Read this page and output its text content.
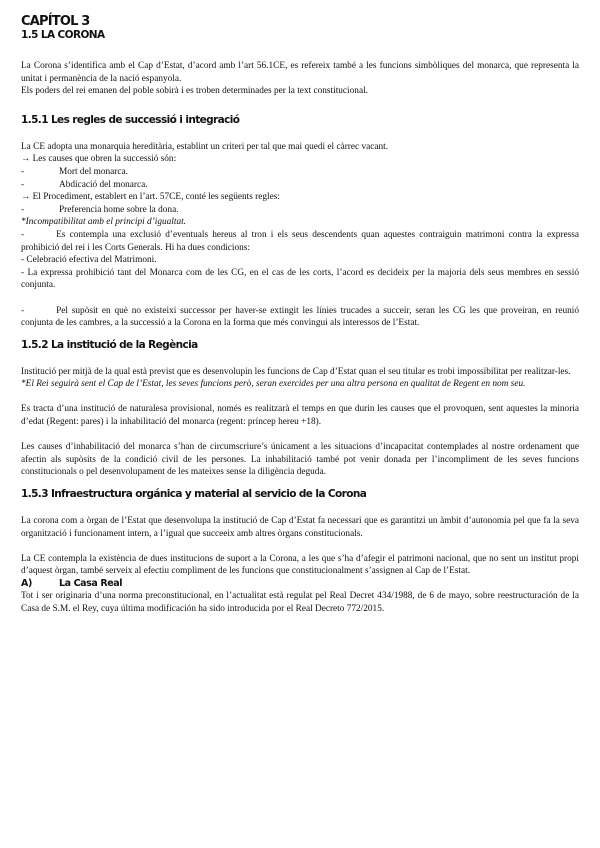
CAPÍTOL 3
1.5 LA CORONA

La Corona s’identifica amb el Cap d’Estat, d’acord amb l’art 56.1CE, es refereix també a les funcions simbòliques del monarca, que representa la unitat i permanència de la nació espanyola.

Els poders del rei emanen del poble sobirà i es troben determinades per la text constitucional.

1.5.1 Les regles de successió i integració

La CE adopta una monarquia hereditària, establint un criteri per tal que mai quedi el càrrec vacant.

→ Les causes que obren la successió són:

-	Mort del monarca.
-	Abdicació del monarca.

→ El Procediment, establert en l’art. 57CE, conté les següents regles:

-	Preferencia home sobre la dona.

*Incompatibilitat amb el principi d’igualtat.

-	Es contempla una exclusió d’eventuals hereus al tron i els seus descendents quan aquestes contraiguin matrimoni contra la expressa prohibició del rei i les Corts Generals. Hi ha dues condicions:

- Celebració efectiva del Matrimoni.

- La expressa prohibició tant del Monarca com de les CG, en el cas de les corts, l’acord es decideix per la majoria dels seus membres en sessió conjunta.

-	Pel supòsit en què no existeixi successor per haver-se extingit les línies trucades a succeir, seran les CG les que proveiran, en reunió conjunta de les cambres, a la successió a la Corona en la forma que més convingui als interessos de l’Estat.

1.5.2 La institució de la Regència

Institució per mitjà de la qual està previst que es desenvolupin les funcions de Cap d’Estat quan el seu titular es trobi impossibilitat per realitzar-les.

*El Rei seguirà sent el Cap de l’Estat, les seves funcions però, seran exercides per una altra persona en qualitat de Regent en nom seu.

Es tracta d’una institució de naturalesa provisional, només es realitzarà el temps en que durin les causes que el provoquen, sent aquestes la minoria d’edat (Regent: pares) i la inhabilitació del monarca (regent: príncep hereu +18).

Les causes d’inhabilitació del monarca s’han de circumscriure’s únicament a les situacions d’incapacitat contemplades al nostre ordenament que afectin als supòsits de la condició civil de les persones. La inhabilitació també pot venir donada per l’incompliment de les seves funcions constitucionals o pel desenvolupament de les mateixes sense la diligència deguda.

1.5.3 Infraestructura orgánica y material al servicio de la Corona

La corona com a òrgan de l’Estat que desenvolupa la institució de Cap d’Estat fa necessari que es garantitzi un àmbit d’autonomia pel que fa la seva organització i funcionament intern, a l’igual que succeeix amb altres òrgans constitucionals.

La CE contempla la existència de dues institucions de suport a la Corona, a les que s’ha d’afegir el patrimoni nacional, que no sent un institut propi d’aquest òrgan, també serveix al efectiu compliment de les funcions que constitucionalment s’assignen al Cap de l’Estat.

A)	La Casa Real

Tot i ser originaria d’una norma preconstitucional, en l’actualitat està regulat pel Real Decret 434/1988, de 6 de mayo, sobre reestructuración de la Casa de S.M. el Rey, cuya última modificación ha sido introducida por el Real Decreto 772/2015.
